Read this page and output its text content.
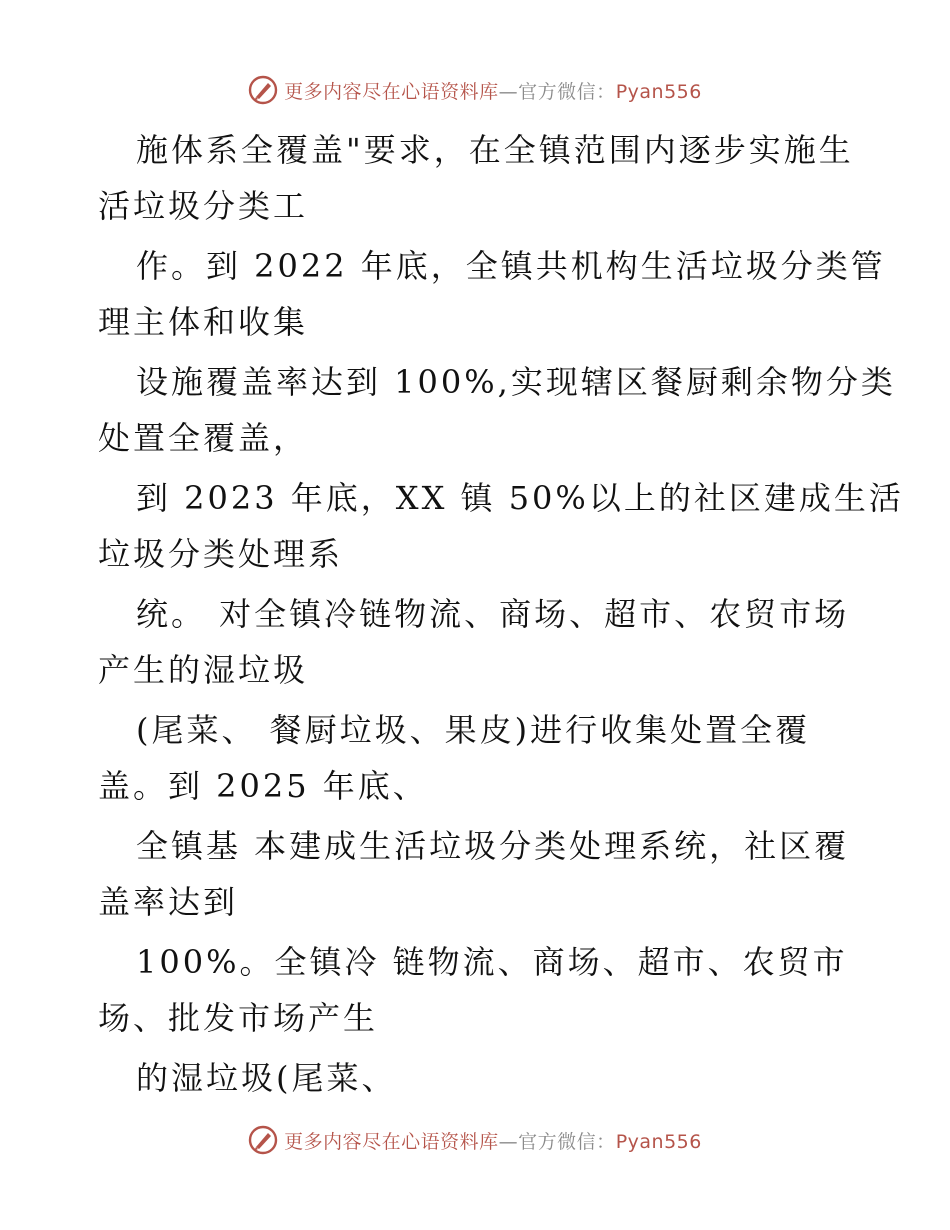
更多内容尽在心语资料库—官方微信：Pyan556
施体系全覆盖"要求，在全镇范围内逐步实施生
活垃圾分类工
作。到 2022 年底，全镇共机构生活垃圾分类管
理主体和收集
设施覆盖率达到 100%,实现辖区餐厨剩余物分类
处置全覆盖，
到 2023 年底，XX 镇 50%以上的社区建成生活
垃圾分类处理系
统。 对全镇冷链物流、商场、超市、农贸市场
产生的湿垃圾
(尾菜、 餐厨垃圾、果皮)进行收集处置全覆
盖。到 2025 年底、
全镇基 本建成生活垃圾分类处理系统，社区覆
盖率达到
100%。全镇冷 链物流、商场、超市、农贸市
场、批发市场产生
的湿垃圾(尾菜、
更多内容尽在心语资料库—官方微信：Pyan556
